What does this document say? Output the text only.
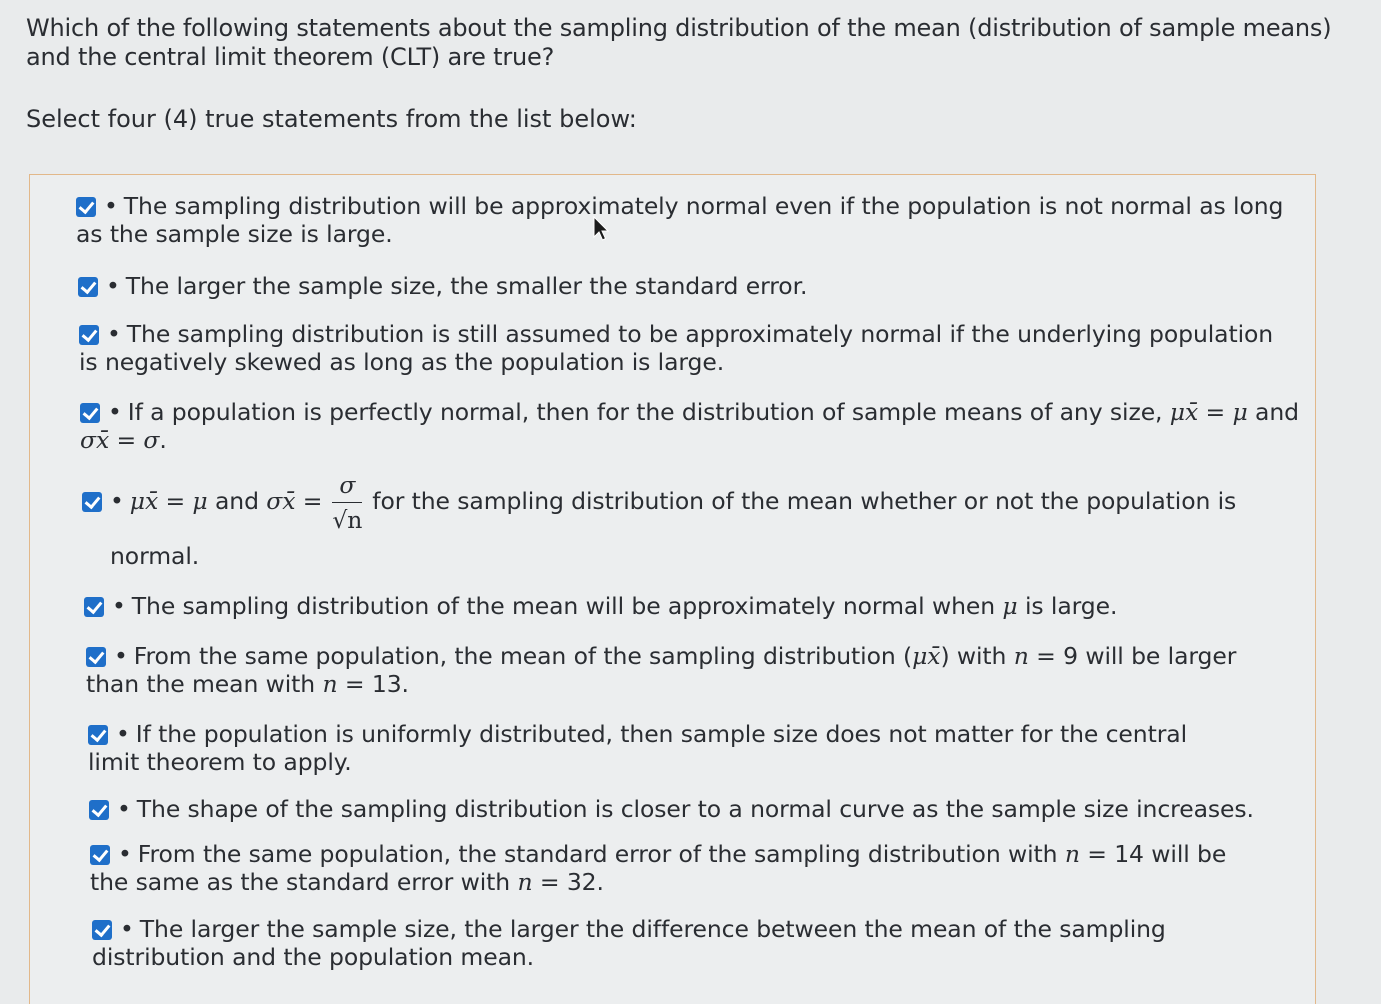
Which of the following statements about the sampling distribution of the mean (distribution of sample means) and the central limit theorem (CLT) are true?
Select four (4) true statements from the list below:
• The sampling distribution will be approximately normal even if the population is not normal as long as the sample size is large.
• The larger the sample size, the smaller the standard error.
• The sampling distribution is still assumed to be approximately normal if the underlying population is negatively skewed as long as the population is large.
• If a population is perfectly normal, then for the distribution of sample means of any size, μx̄ = μ and σx̄ = σ.
• μx̄ = μ and σx̄ = $\frac{\sigma}{√n}$ for the sampling distribution of the mean whether or not the population is
normal.
• The sampling distribution of the mean will be approximately normal when μ is large.
• From the same population, the mean of the sampling distribution (μx̄) with n = 9 will be larger than the mean with n = 13.
• If the population is uniformly distributed, then sample size does not matter for the central limit theorem to apply.
• The shape of the sampling distribution is closer to a normal curve as the sample size increases.
• From the same population, the standard error of the sampling distribution with n = 14 will be the same as the standard error with n = 32.
• The larger the sample size, the larger the difference between the mean of the sampling distribution and the population mean.
